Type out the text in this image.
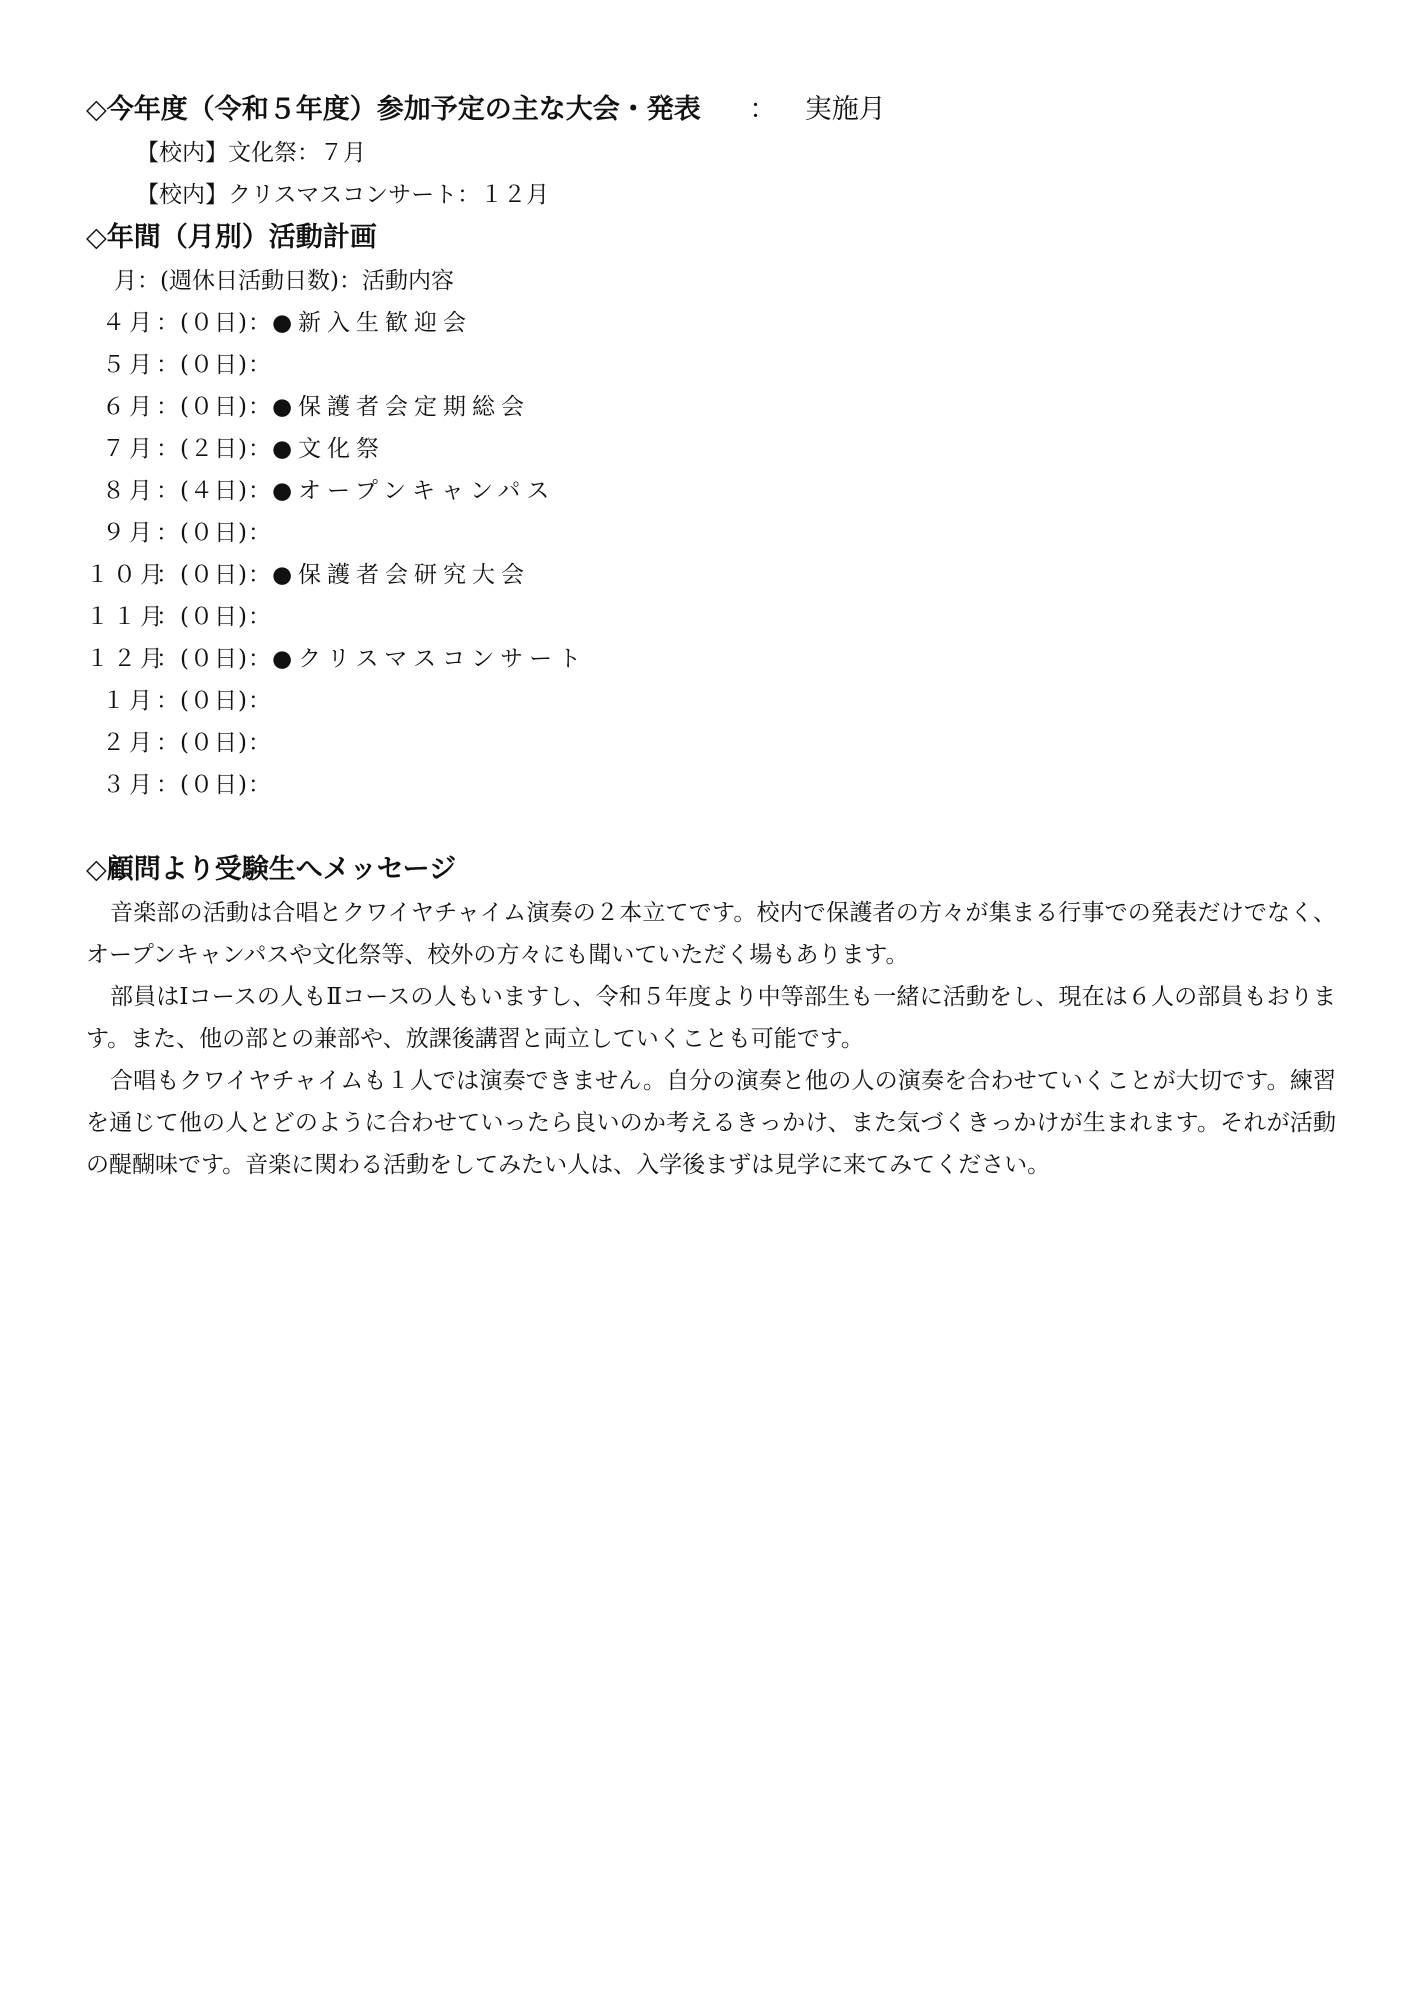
◇今年度（令和５年度）参加予定の主な大会・発表 ： 実施月
【校内】文化祭：７月
【校内】クリスマスコンサート：１２月
◇年間（月別）活動計画
月：(週休日活動日数)：活動内容
４月：(０日)：●新入生歓迎会
５月：(０日)：
６月：(０日)：●保護者会定期総会
７月：(２日)：●文化祭
８月：(４日)：●オープンキャンパス
９月：(０日)：
１０月：(０日)：●保護者会研究大会
１１月：(０日)：
１２月：(０日)：●クリスマスコンサート
１月：(０日)：
２月：(０日)：
３月：(０日)：
◇顧問より受験生へメッセージ

音楽部の活動は合唱とクワイヤチャイム演奏の２本立てです。校内で保護者の方々が集まる行事での発表だけでなく、オープンキャンパスや文化祭等、校外の方々にも聞いていただく場もあります。

部員はⅠコースの人もⅡコースの人もいますし、令和５年度より中等部生も一緒に活動をし、現在は６人の部員もおります。また、他の部との兼部や、放課後講習と両立していくことも可能です。

合唱もクワイヤチャイムも１人では演奏できません。自分の演奏と他の人の演奏を合わせていくことが大切です。練習を通じて他の人とどのように合わせていったら良いのか考えるきっかけ、また気づくきっかけが生まれます。それが活動の醍醐味です。音楽に関わる活動をしてみたい人は、入学後まずは見学に来てみてください。
